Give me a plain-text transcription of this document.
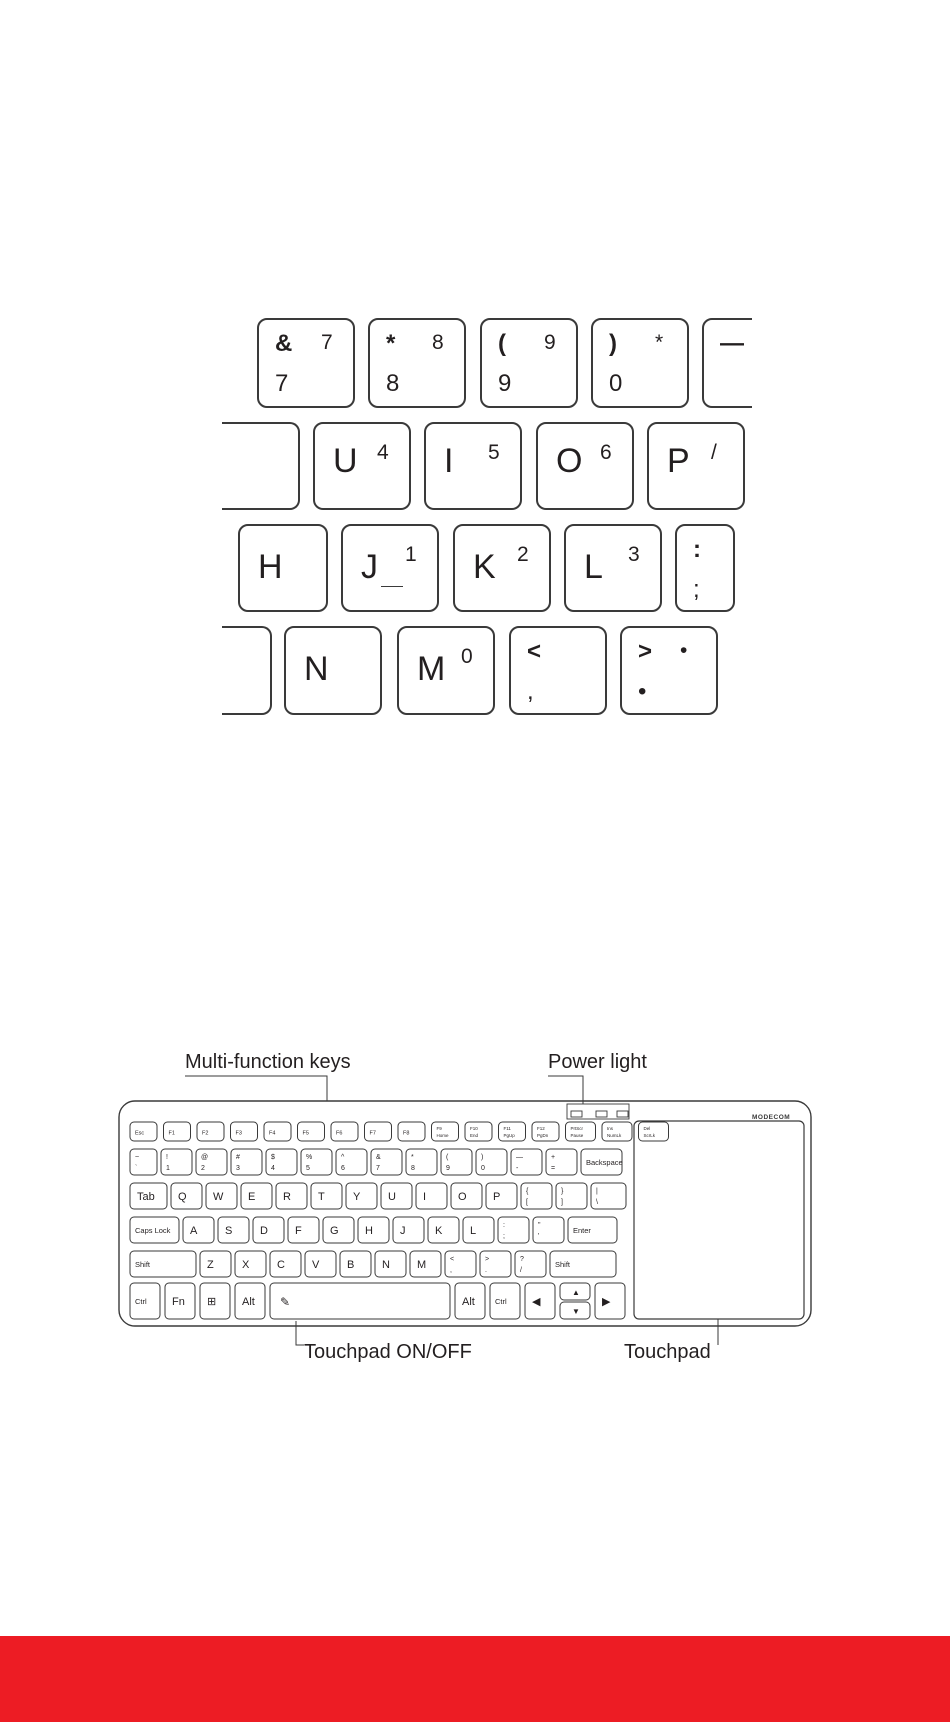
& 7
7
* 8
8
( 9
9
) *
0
—
U 4 I 5 O 6 P /
H J 1 K 2 L 3 :
;
N	M 0 <
,
> •
•
MODECOM
Esc	F1	F2	F3	F4	F5	F6	F7	F8
F9
Home
F10
End
F11
PgUp
F12
PgDn
PrtScr
Pause
Ins
NumLk
Del
ScrLk
~
`
!
1
@
2
#
3
$
4
%
5
^
6
&
7
*
8
(
9
)
0
—
-
+
=
Backspace
Tab Q W E	R T	Y	U I	O P	{
[
}
]
|
\
Caps Lock A	S	D F	G H J	K	L	:
;
"
'
Enter
Shift	Z	X	C V	B	N M	<
,
>
.
?
/
Shift
Ctrl Fn ⊞ Alt ✎	Alt	Ctrl ◀
▲
▼
▶
Multi-function keys	Power light
Touchpad ON/OFF	Touchpad
